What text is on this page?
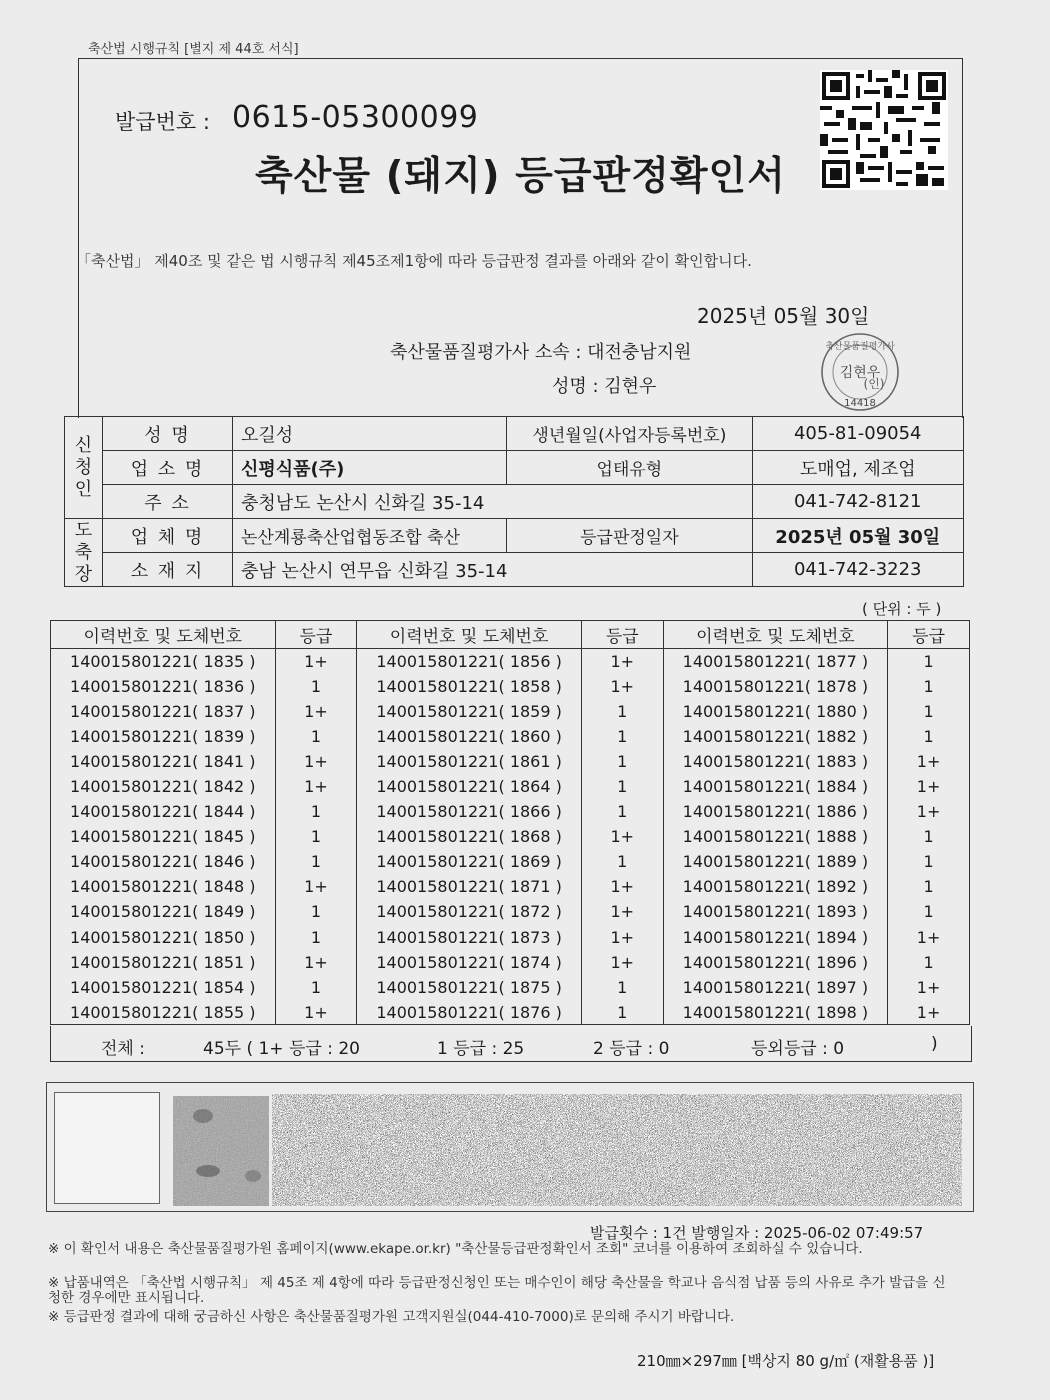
축산법 시행규칙 [별지 제 44호 서식]
발급번호 : 0615-05300099
축산물 (돼지) 등급판정확인서
「축산법」 제40조 및 같은 법 시행규칙 제45조제1항에 따라 등급판정 결과를 아래와 같이 확인합니다.
2025년 05월 30일
축산물품질평가사 소속 : 대전충남지원
성명 : 김현우
축산물품질평가사
김현우
(인)
14418
신
청
인	성 명	오길성	생년월일(사업자등록번호)	405-81-09054
	업 소 명	신평식품(주)	업태유형	도매업, 제조업
	주 소	충청남도 논산시 신화길 35-14		041-742-8121
도
축
장	업 체 명	논산계룡축산업협동조합 축산	등급판정일자	2025년 05월 30일
	소 재 지	충남 논산시 연무읍 신화길 35-14		041-742-3223
( 단위 : 두 )
이력번호 및 도체번호	등급	이력번호 및 도체번호	등급	이력번호 및 도체번호	등급
140015801221( 1835 )	1+	140015801221( 1856 )	1+	140015801221( 1877 )	1
140015801221( 1836 )	1	140015801221( 1858 )	1+	140015801221( 1878 )	1
140015801221( 1837 )	1+	140015801221( 1859 )	1	140015801221( 1880 )	1
140015801221( 1839 )	1	140015801221( 1860 )	1	140015801221( 1882 )	1
140015801221( 1841 )	1+	140015801221( 1861 )	1	140015801221( 1883 )	1+
140015801221( 1842 )	1+	140015801221( 1864 )	1	140015801221( 1884 )	1+
140015801221( 1844 )	1	140015801221( 1866 )	1	140015801221( 1886 )	1+
140015801221( 1845 )	1	140015801221( 1868 )	1+	140015801221( 1888 )	1
140015801221( 1846 )	1	140015801221( 1869 )	1	140015801221( 1889 )	1
140015801221( 1848 )	1+	140015801221( 1871 )	1+	140015801221( 1892 )	1
140015801221( 1849 )	1	140015801221( 1872 )	1+	140015801221( 1893 )	1
140015801221( 1850 )	1	140015801221( 1873 )	1+	140015801221( 1894 )	1+
140015801221( 1851 )	1+	140015801221( 1874 )	1+	140015801221( 1896 )	1
140015801221( 1854 )	1	140015801221( 1875 )	1	140015801221( 1897 )	1+
140015801221( 1855 )	1+	140015801221( 1876 )	1	140015801221( 1898 )	1+
전체 :	45두 ( 1+ 등급 : 20	1 등급 : 25	2 등급 : 0	등외등급 : 0	)
발급횟수 : 1건 발행일자 : 2025-06-02 07:49:57
※ 이 확인서 내용은 축산물품질평가원 홈페이지(www.ekape.or.kr) "축산물등급판정확인서 조회" 코너를 이용하여 조회하실 수 있습니다.
※ 납품내역은 「축산법 시행규칙」 제 45조 제 4항에 따라 등급판정신청인 또는 매수인이 해당 축산물을 학교나 음식점 납품 등의 사유로 추가 발급을 신청한 경우에만 표시됩니다.
※ 등급판정 결과에 대해 궁금하신 사항은 축산물품질평가원 고객지원실(044-410-7000)로 문의해 주시기 바랍니다.
210㎜×297㎜ [백상지 80 g/㎡ (재활용품 )]
